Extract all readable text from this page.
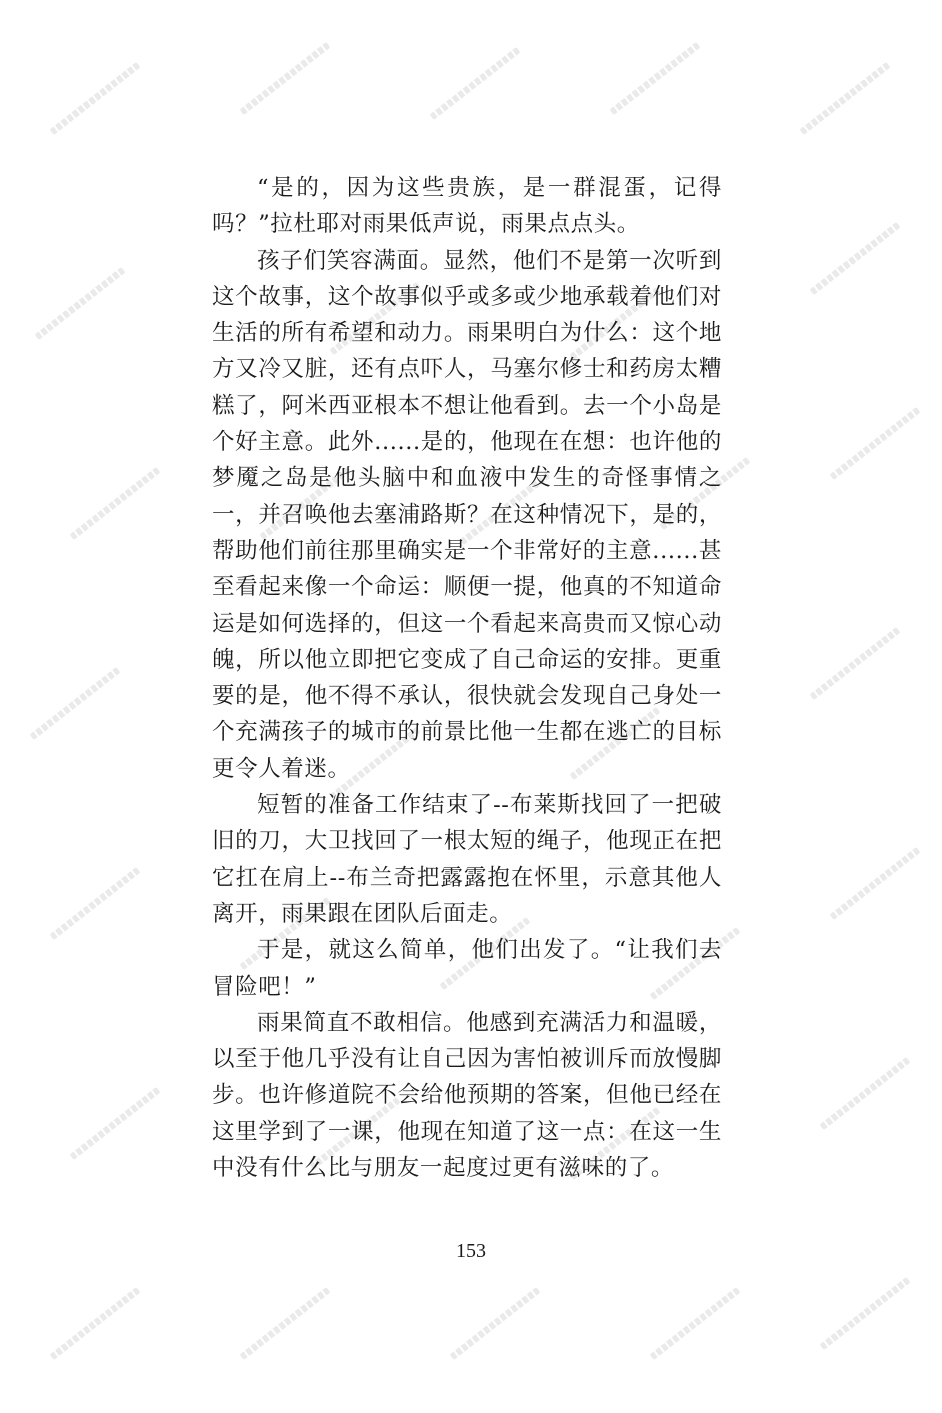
“是的，因为这些贵族，是一群混蛋，记得吗？”拉杜耶对雨果低声说，雨果点点头。

孩子们笑容满面。显然，他们不是第一次听到这个故事，这个故事似乎或多或少地承载着他们对生活的所有希望和动力。雨果明白为什么：这个地方又冷又脏，还有点吓人，马塞尔修士和药房太糟糕了，阿米西亚根本不想让他看到。去一个小岛是个好主意。此外......是的，他现在在想：也许他的梦魇之岛是他头脑中和血液中发生的奇怪事情之一，并召唤他去塞浦路斯？在这种情况下，是的，帮助他们前往那里确实是一个非常好的主意......甚至看起来像一个命运：顺便一提，他真的不知道命运是如何选择的，但这一个看起来高贵而又惊心动魄，所以他立即把它变成了自己命运的安排。更重要的是，他不得不承认，很快就会发现自己身处一个充满孩子的城市的前景比他一生都在逃亡的目标更令人着迷。

短暂的准备工作结束了--布莱斯找回了一把破旧的刀，大卫找回了一根太短的绳子，他现正在把它扛在肩上--布兰奇把露露抱在怀里，示意其他人离开，雨果跟在团队后面走。

于是，就这么简单，他们出发了。“让我们去冒险吧！”

雨果简直不敢相信。他感到充满活力和温暖，以至于他几乎没有让自己因为害怕被训斥而放慢脚步。也许修道院不会给他预期的答案，但他已经在这里学到了一课，他现在知道了这一点：在这一生中没有什么比与朋友一起度过更有滋味的了。

153
